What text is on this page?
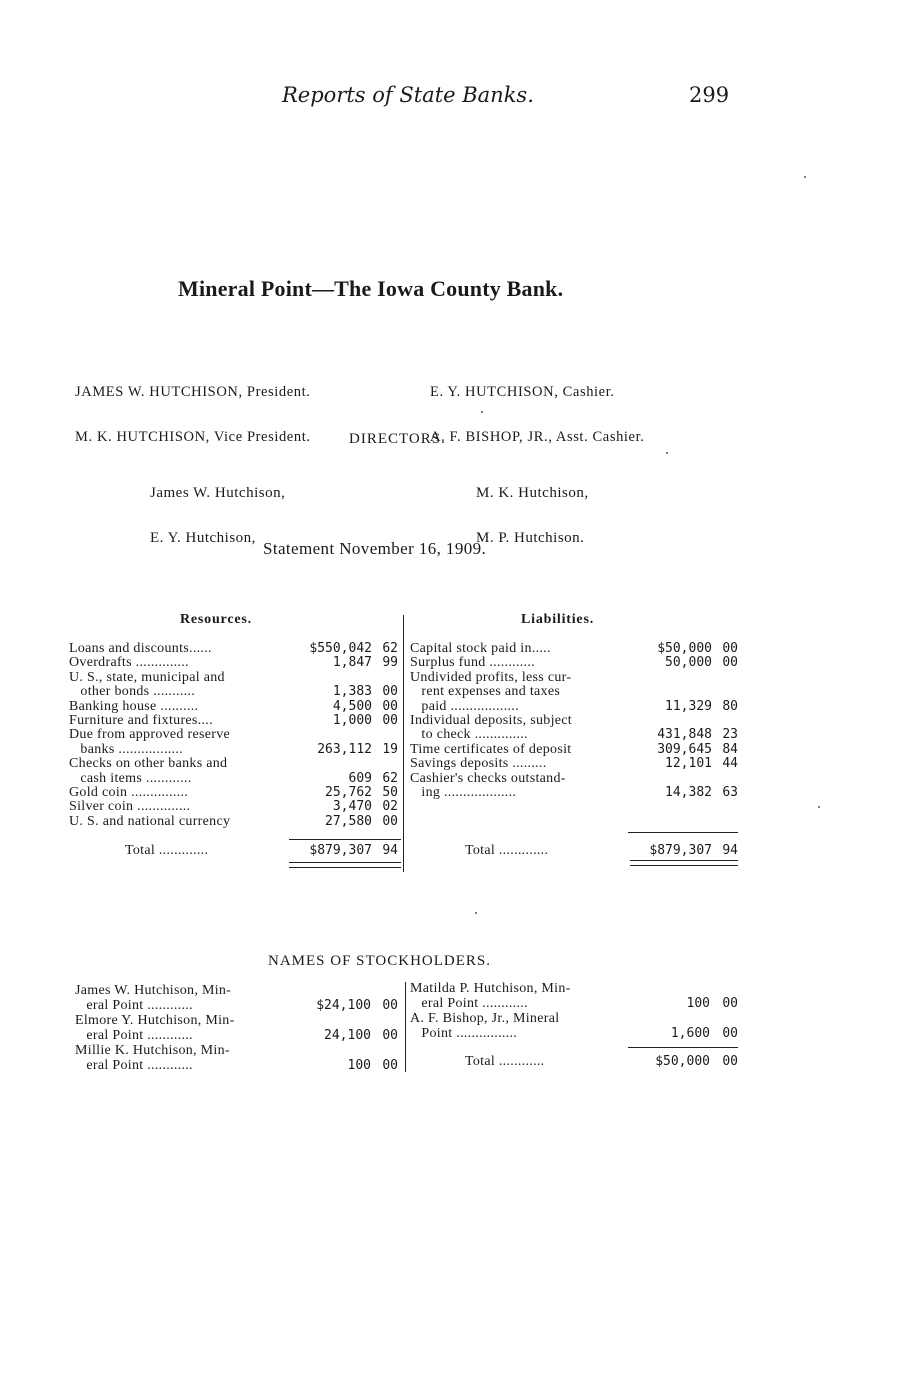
Reports of State Banks.	299
Mineral Point—The Iowa County Bank.

JAMES W. HUTCHISON, President.

M. K. HUTCHISON, Vice President.

E. Y. HUTCHISON, Cashier.

A. F. BISHOP, JR., Asst. Cashier.

DIRECTORS.

James W. Hutchison,

E. Y. Hutchison,

M. K. Hutchison,

M. P. Hutchison.

Statement November 16, 1909.
Resources.	Liabilities.
Loans and discounts......	$550,042 62
Overdrafts ..............	1,847 99
U. S., state, municipal and
other bonds ...........	1,383 00
Banking house ..........	4,500 00
Furniture and fixtures....	1,000 00
Due from approved reserve
banks .................	263,112 19
Checks on other banks and
cash items ............	609 62
Gold coin ...............	25,762 50
Silver coin ..............	3,470 02
U. S. and national currency	27,580 00
Capital stock paid in.....	$50,000 00
Surplus fund ............	50,000 00
Undivided profits, less cur-
rent expenses and taxes
paid ..................	11,329 80
Individual deposits, subject
to check ..............	431,848 23
Time certificates of deposit	309,645 84
Savings deposits .........	12,101 44
Cashier's checks outstand-
ing ...................	14,382 63
Total .............	$879,307 94	Total .............	$879,307 94
NAMES OF STOCKHOLDERS.
James W. Hutchison, Min-
eral Point ............	$24,100 00
Elmore Y. Hutchison, Min-
eral Point ............	24,100 00
Millie K. Hutchison, Min-
eral Point ............	100 00
Matilda P. Hutchison, Min-
eral Point ............	100 00
A. F. Bishop, Jr., Mineral
Point ................	1,600 00
Total ............	$50,000 00
